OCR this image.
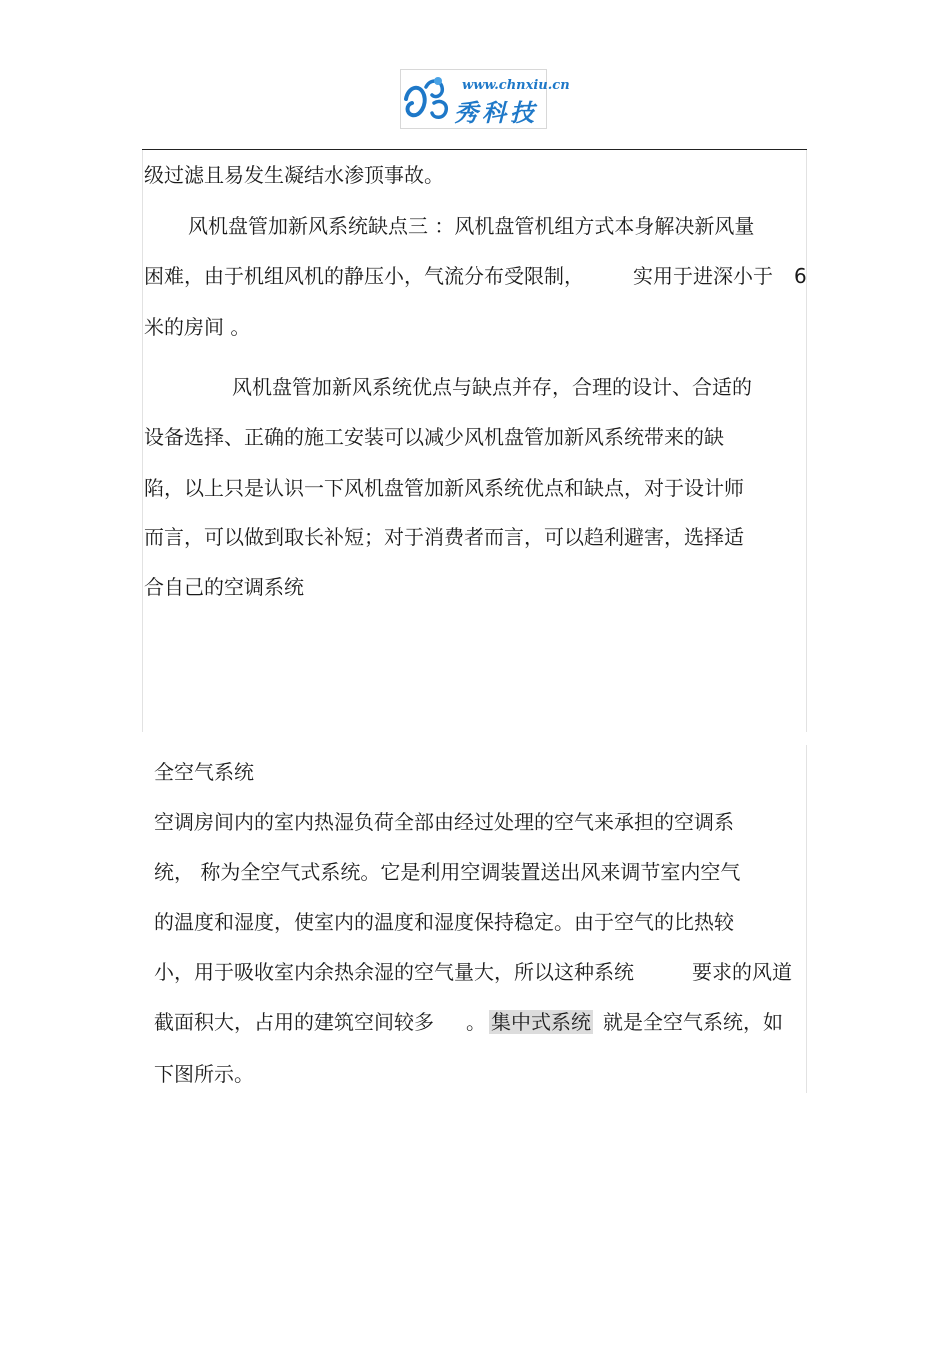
www.chnxiu.cn
秀科技
级过滤且易发生凝结水渗顶事故。
风机盘管加新风系统缺点三 ：风机盘管机组方式本身解决新风量
困难，由于机组风机的静压小，气流分布受限制， 实用于进深小于 6
米的房间 。
风机盘管加新风系统优点与缺点并存，合理的设计、合适的
设备选择、正确的施工安装可以减少风机盘管加新风系统带来的缺
陷，以上只是认识一下风机盘管加新风系统优点和缺点，对于设计师
而言，可以做到取长补短；对于消费者而言，可以趋利避害，选择适
合自己的空调系统
全空气系统
空调房间内的室内热湿负荷全部由经过处理的空气来承担的空调系
统， 称为全空气式系统。它是利用空调装置送出风来调节室内空气
的温度和湿度，使室内的温度和湿度保持稳定。由于空气的比热较
小，用于吸收室内余热余湿的空气量大，所以这种系统	要求的风道
截面积大，占用的建筑空间较多 。 集中式系统 就是全空气系统，如
下图所示。
